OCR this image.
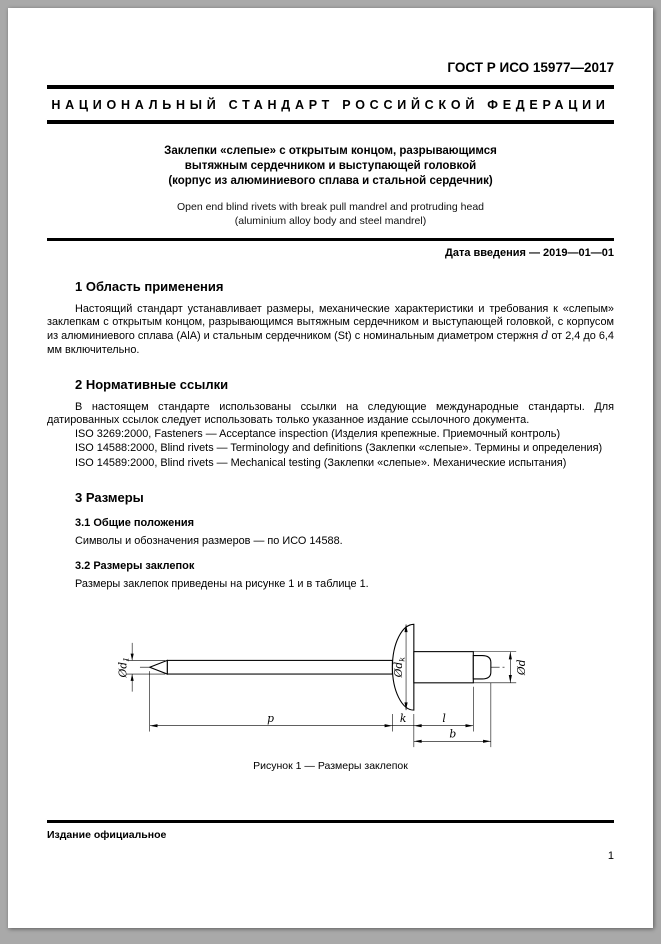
ГОСТ Р ИСО 15977—2017
НАЦИОНАЛЬНЫЙ СТАНДАРТ РОССИЙСКОЙ ФЕДЕРАЦИИ
Заклепки «слепые» с открытым концом, разрывающимся
вытяжным сердечником и выступающей головкой
(корпус из алюминиевого сплава и стальной сердечник)
Open end blind rivets with break pull mandrel and protruding head
(aluminium alloy body and steel mandrel)
Дата введения — 2019—01—01
1 Область применения

Настоящий стандарт устанавливает размеры, механические характеристики и требования к «слепым» заклепкам с открытым концом, разрывающимся вытяжным сердечником и выступающей головкой, с корпусом из алюминиевого сплава (AlA) и стальным сердечником (St) с номинальным диаметром стержня d от 2,4 до 6,4 мм включительно.

2 Нормативные ссылки

В настоящем стандарте использованы ссылки на следующие международные стандарты. Для датированных ссылок следует использовать только указанное издание ссылочного документа.

ISO 3269:2000, Fasteners — Acceptance inspection (Изделия крепежные. Приемочный контроль)

ISO 14588:2000, Blind rivets — Terminology and definitions (Заклепки «слепые». Термины и определения)

ISO 14589:2000, Blind rivets — Mechanical testing (Заклепки «слепые». Механические испытания)

3 Размеры
3.1 Общие положения

Символы и обозначения размеров — по ИСО 14588.

3.2 Размеры заклепок

Размеры заклепок приведены на рисунке 1 и в таблице 1.

p	k	l
b
$Ød_1$
$Ød_k$	Ød
Рисунок 1 — Размеры заклепок
Издание официальное
1
